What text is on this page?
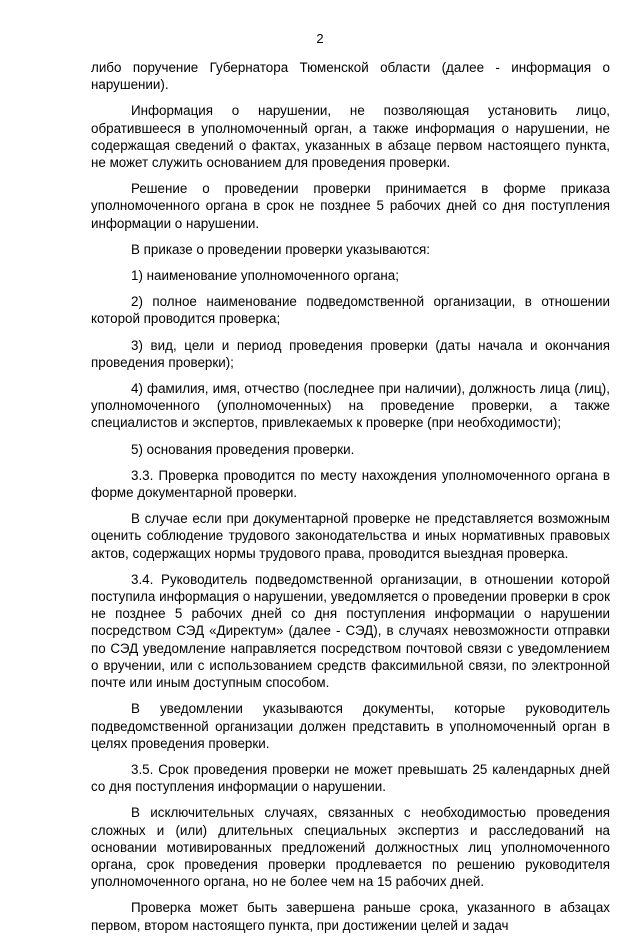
2

либо поручение Губернатора Тюменской области (далее - информация о нарушении).

Информация о нарушении, не позволяющая установить лицо, обратившееся в уполномоченный орган, а также информация о нарушении, не содержащая сведений о фактах, указанных в абзаце первом настоящего пункта, не может служить основанием для проведения проверки.

Решение о проведении проверки принимается в форме приказа уполномоченного органа в срок не позднее 5 рабочих дней со дня поступления информации о нарушении.

В приказе о проведении проверки указываются:

1) наименование уполномоченного органа;

2) полное наименование подведомственной организации, в отношении которой проводится проверка;

3) вид, цели и период проведения проверки (даты начала и окончания проведения проверки);

4) фамилия, имя, отчество (последнее при наличии), должность лица (лиц), уполномоченного (уполномоченных) на проведение проверки, а также специалистов и экспертов, привлекаемых к проверке (при необходимости);

5) основания проведения проверки.

3.3. Проверка проводится по месту нахождения уполномоченного органа в форме документарной проверки.

В случае если при документарной проверке не представляется возможным оценить соблюдение трудового законодательства и иных нормативных правовых актов, содержащих нормы трудового права, проводится выездная проверка.

3.4. Руководитель подведомственной организации, в отношении которой поступила информация о нарушении, уведомляется о проведении проверки в срок не позднее 5 рабочих дней со дня поступления информации о нарушении посредством СЭД «Директум» (далее - СЭД), в случаях невозможности отправки по СЭД уведомление направляется посредством почтовой связи с уведомлением о вручении, или с использованием средств факсимильной связи, по электронной почте или иным доступным способом.

В уведомлении указываются документы, которые руководитель подведомственной организации должен представить в уполномоченный орган в целях проведения проверки.

3.5. Срок проведения проверки не может превышать 25 календарных дней со дня поступления информации о нарушении.

В исключительных случаях, связанных с необходимостью проведения сложных и (или) длительных специальных экспертиз и расследований на основании мотивированных предложений должностных лиц уполномоченного органа, срок проведения проверки продлевается по решению руководителя уполномоченного органа, но не более чем на 15 рабочих дней.

Проверка может быть завершена раньше срока, указанного в абзацах первом, втором настоящего пункта, при достижении целей и задач
